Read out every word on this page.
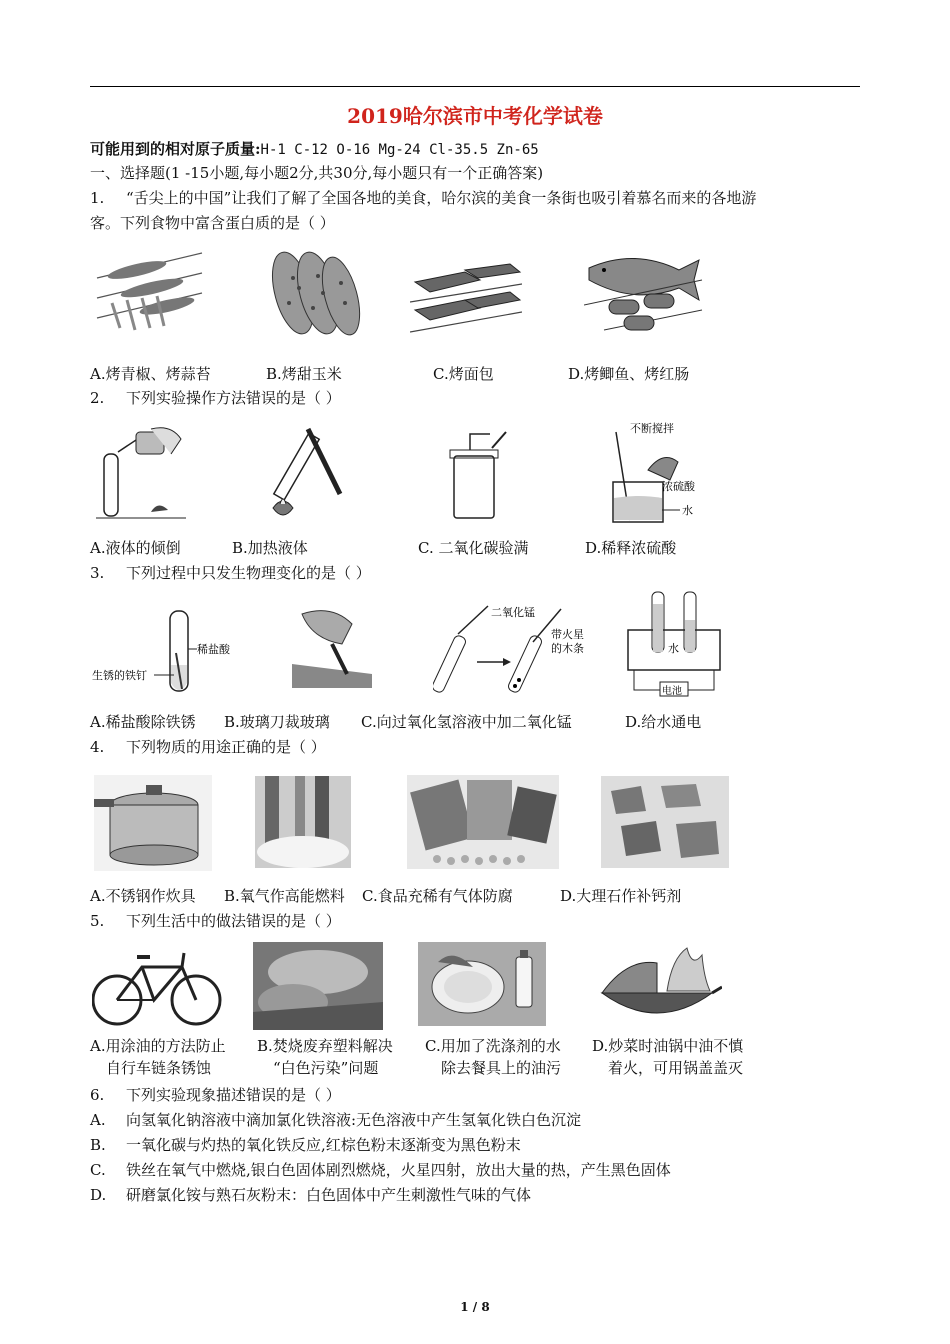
2019哈尔滨市中考化学试卷
可能用到的相对原子质量:H-1 C-12 O-16 Mg-24 Cl-35.5 Zn-65
一、选择题(1 -15小题,每小题2分,共30分,每小题只有一个正确答案)
1. “舌尖上的中国”让我们了解了全国各地的美食，哈尔滨的美食一条街也吸引着慕名而来的各地游
客。下列食物中富含蛋白质的是（ ）
A.烤青椒、烤蒜苔	B.烤甜玉米	C.烤面包	D.烤鲫鱼、烤红肠
2. 下列实验操作方法错误的是（ ）
不断搅拌
浓硫酸
水
A.液体的倾倒	B.加热液体	C. 二氧化碳验满	D.稀释浓硫酸
3. 下列过程中只发生物理变化的是（ ）
稀盐酸
生锈的铁钉
二氧化锰
带火星
的木条	水
电池
A.稀盐酸除铁锈 B.玻璃刀裁玻璃 C.向过氧化氢溶液中加二氧化锰	D.给水通电
4. 下列物质的用途正确的是（ ）
A.不锈钢作炊具 B.氧气作高能燃料 C.食品充稀有气体防腐	D.大理石作补钙剂
5. 下列生活中的做法错误的是（ ）
A.用涂油的方法防止
自行车链条锈蚀
B.焚烧废弃塑料解决
“白色污染”问题
C.用加了洗涤剂的水
除去餐具上的油污
D.炒菜时油锅中油不慎
着火，可用锅盖盖灭
6. 下列实验现象描述错误的是（ ）
A. 向氢氧化钠溶液中滴加氯化铁溶液:无色溶液中产生氢氧化铁白色沉淀
B. 一氧化碳与灼热的氧化铁反应,红棕色粉末逐渐变为黑色粉末
C. 铁丝在氧气中燃烧,银白色固体剧烈燃烧，火星四射，放出大量的热，产生黑色固体
D. 研磨氯化铵与熟石灰粉末：白色固体中产生刺激性气味的气体
1 / 8
